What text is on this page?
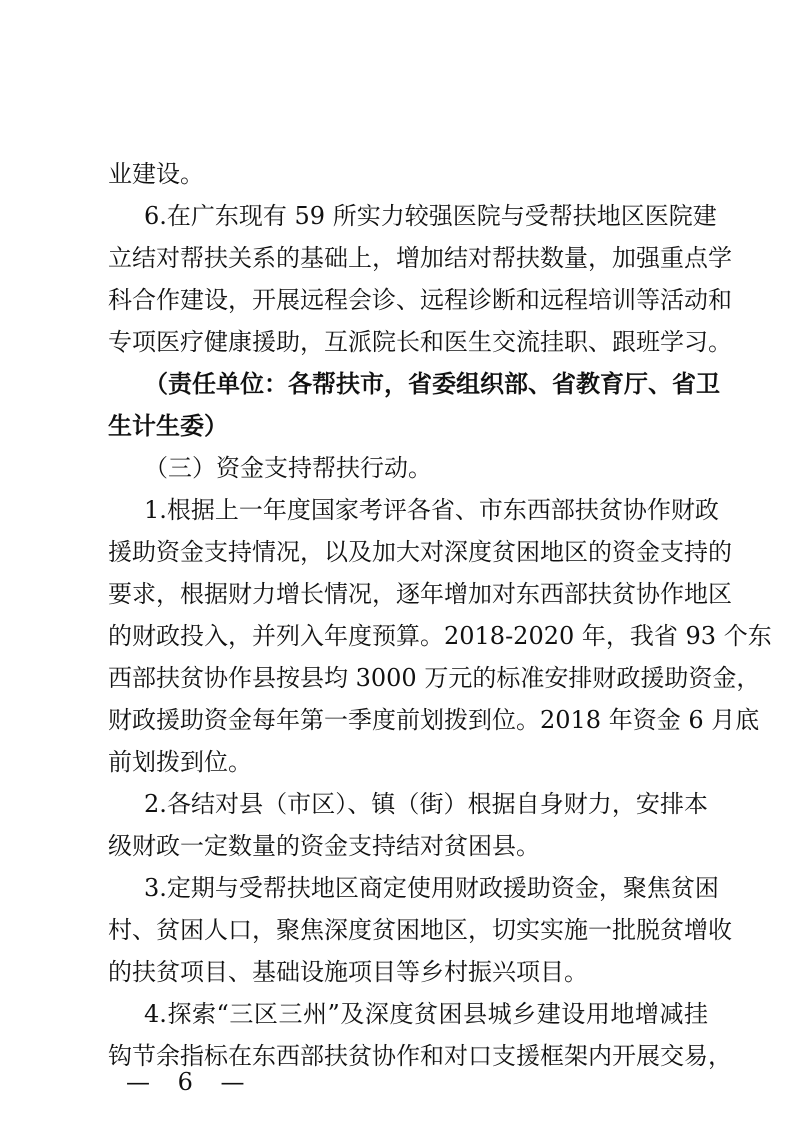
业建设。
6.在广东现有 59 所实力较强医院与受帮扶地区医院建
立结对帮扶关系的基础上，增加结对帮扶数量，加强重点学
科合作建设，开展远程会诊、远程诊断和远程培训等活动和
专项医疗健康援助，互派院长和医生交流挂职、跟班学习。
（责任单位：各帮扶市，省委组织部、省教育厅、省卫
生计生委）
（三）资金支持帮扶行动。
1.根据上一年度国家考评各省、市东西部扶贫协作财政
援助资金支持情况，以及加大对深度贫困地区的资金支持的
要求，根据财力增长情况，逐年增加对东西部扶贫协作地区
的财政投入，并列入年度预算。2018-2020 年，我省 93 个东
西部扶贫协作县按县均 3000 万元的标准安排财政援助资金，
财政援助资金每年第一季度前划拨到位。2018 年资金 6 月底
前划拨到位。
2.各结对县（市区）、镇（街）根据自身财力，安排本
级财政一定数量的资金支持结对贫困县。
3.定期与受帮扶地区商定使用财政援助资金，聚焦贫困
村、贫困人口，聚焦深度贫困地区，切实实施一批脱贫增收
的扶贫项目、基础设施项目等乡村振兴项目。
4.探索“三区三州”及深度贫困县城乡建设用地增减挂
钩节余指标在东西部扶贫协作和对口支援框架内开展交易，
— 6 —
